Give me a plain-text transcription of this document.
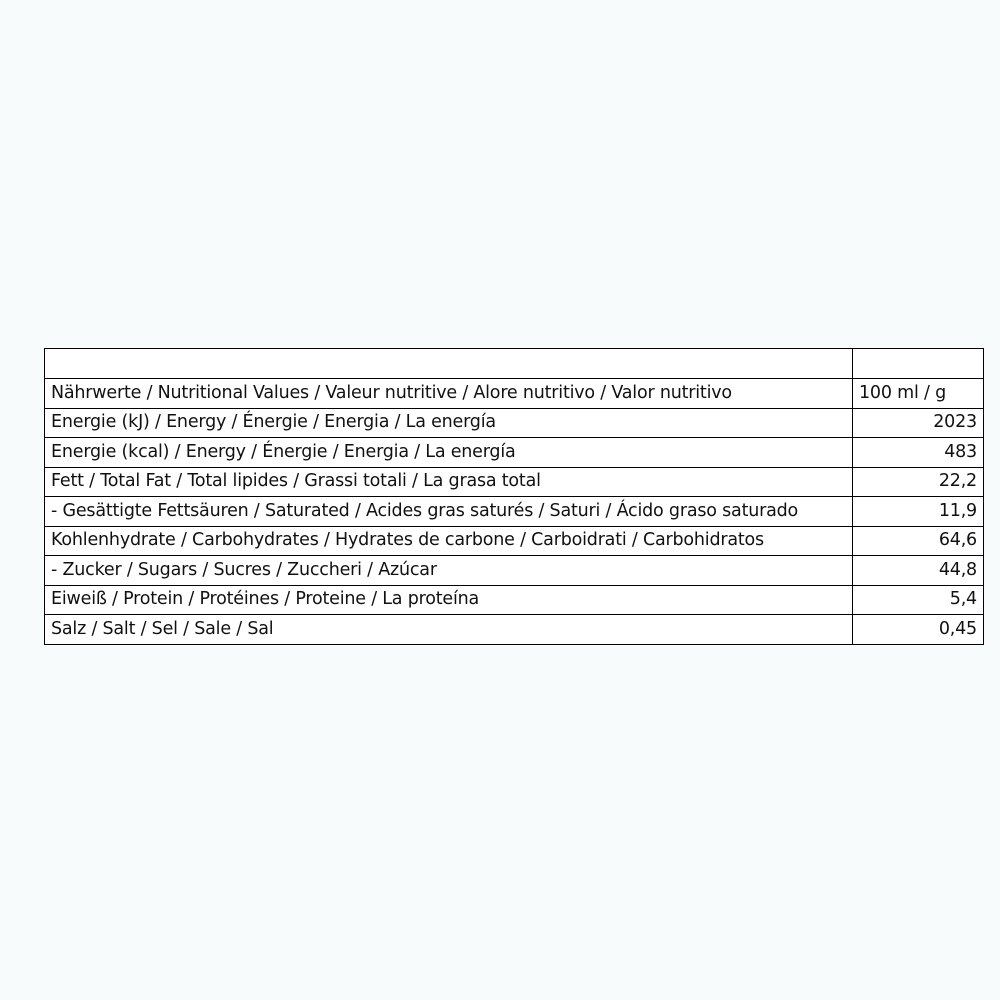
Nährwerte / Nutritional Values / Valeur nutritive / Alore nutritivo / Valor nutritivo	100 ml / g
Energie (kJ) / Energy / Énergie / Energia / La energía	2023
Energie (kcal) / Energy / Énergie / Energia / La energía	483
Fett / Total Fat / Total lipides / Grassi totali / La grasa total	22,2
- Gesättigte Fettsäuren / Saturated / Acides gras saturés / Saturi / Ácido graso saturado	11,9
Kohlenhydrate / Carbohydrates / Hydrates de carbone / Carboidrati / Carbohidratos	64,6
- Zucker / Sugars / Sucres / Zuccheri / Azúcar	44,8
Eiweiß / Protein / Protéines / Proteine / La proteína	5,4
Salz / Salt / Sel / Sale / Sal	0,45
